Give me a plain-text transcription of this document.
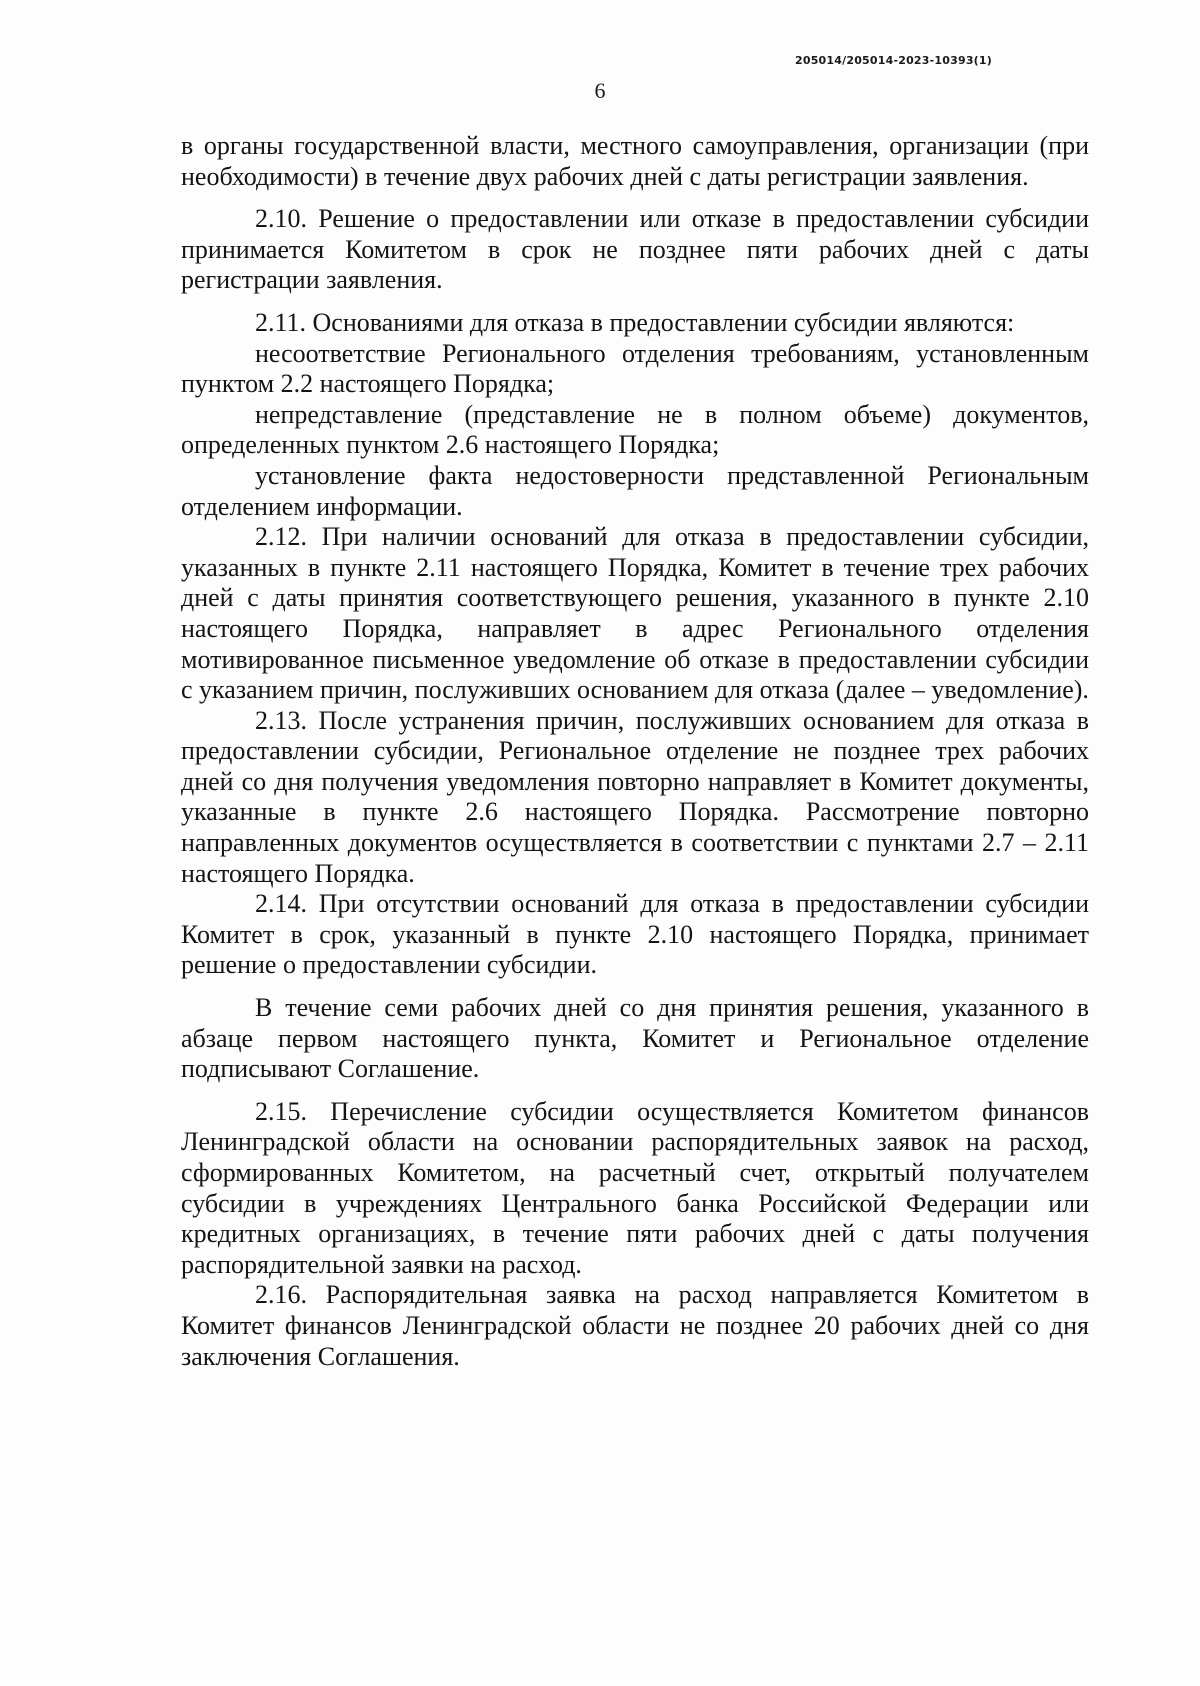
205014/205014-2023-10393(1)
6

в органы государственной власти, местного самоуправления, организации (при необходимости) в течение двух рабочих дней с даты регистрации заявления.

2.10. Решение о предоставлении или отказе в предоставлении субсидии принимается Комитетом в срок не позднее пяти рабочих дней с даты регистрации заявления.

2.11. Основаниями для отказа в предоставлении субсидии являются:

несоответствие Регионального отделения требованиям, установленным пунктом 2.2 настоящего Порядка;

непредставление (представление не в полном объеме) документов, определенных пунктом 2.6 настоящего Порядка;

установление факта недостоверности представленной Региональным отделением информации.

2.12. При наличии оснований для отказа в предоставлении субсидии, указанных в пункте 2.11 настоящего Порядка, Комитет в течение трех рабочих дней с даты принятия соответствующего решения, указанного в пункте 2.10 настоящего Порядка, направляет в адрес Регионального отделения мотивированное письменное уведомление об отказе в предоставлении субсидии с указанием причин, послуживших основанием для отказа (далее – уведомление).

2.13. После устранения причин, послуживших основанием для отказа в предоставлении субсидии, Региональное отделение не позднее трех рабочих дней со дня получения уведомления повторно направляет в Комитет документы, указанные в пункте 2.6 настоящего Порядка. Рассмотрение повторно направленных документов осуществляется в соответствии с пунктами 2.7 – 2.11 настоящего Порядка.

2.14. При отсутствии оснований для отказа в предоставлении субсидии Комитет в срок, указанный в пункте 2.10 настоящего Порядка, принимает решение о предоставлении субсидии.

В течение семи рабочих дней со дня принятия решения, указанного в абзаце первом настоящего пункта, Комитет и Региональное отделение подписывают Соглашение.

2.15. Перечисление субсидии осуществляется Комитетом финансов Ленинградской области на основании распорядительных заявок на расход, сформированных Комитетом, на расчетный счет, открытый получателем субсидии в учреждениях Центрального банка Российской Федерации или кредитных организациях, в течение пяти рабочих дней с даты получения распорядительной заявки на расход.

2.16. Распорядительная заявка на расход направляется Комитетом в Комитет финансов Ленинградской области не позднее 20 рабочих дней со дня заключения Соглашения.
